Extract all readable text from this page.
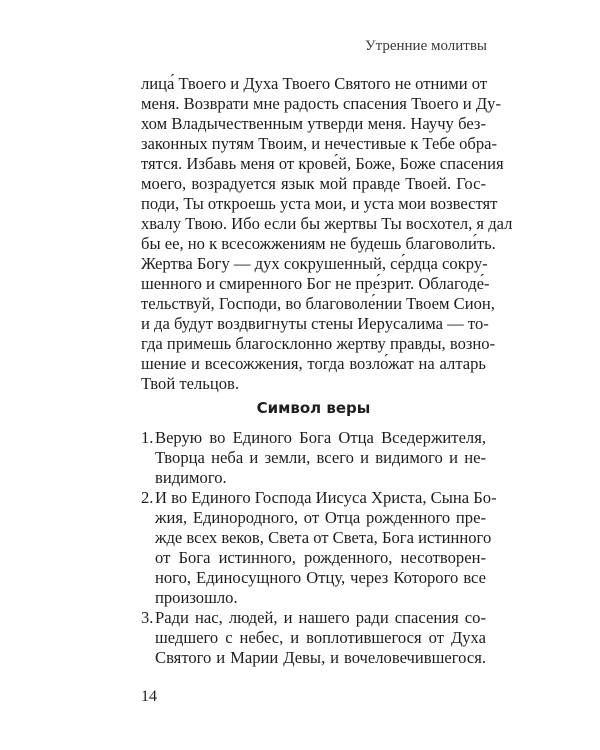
Утренние молитвы
лица́ Твоего и Духа Твоего Святого не отними от
меня. Возврати мне радость спасения Твоего и Ду-
хом Владычественным утверди меня. Научу без-
законных путям Твоим, и нечестивые к Тебе обра-
тятся. Избавь меня от крове́й, Боже, Боже спасения
моего, возрадуется язык мой правде Твоей. Гос-
поди, Ты откроешь уста мои, и уста мои возвестят
хвалу Твою. Ибо если бы жертвы Ты восхотел, я дал
бы ее, но к всесожжениям не будешь благоволи́ть.
Жертва Богу — дух сокрушенный, се́рдца сокру-
шенного и смиренного Бог не пре́зрит. Облагоде́-
тельствуй, Господи, во благоволе́нии Твоем Сион,
и да будут воздвигнуты стены Иерусалима — то-
гда примешь благосклонно жертву правды, возно-
шение и всесожжения, тогда возло́жат на алтарь
Твой тельцов.
Символ веры
1. Верую во Единого Бога Отца Вседержителя,
Творца неба и земли, всего и видимого и не-
видимого.
2. И во Единого Господа Иисуса Христа, Сына Бо-
жия, Единородного, от Отца рожденного пре-
жде всех веков, Света от Света, Бога истинного
от Бога истинного, рожденного, несотворен-
ного, Единосущного Отцу, через Которого все
произошло.
3. Ради нас, людей, и нашего ради спасения со-
шедшего с небес, и воплотившегося от Духа
Святого и Марии Девы, и вочеловечившегося.
14
